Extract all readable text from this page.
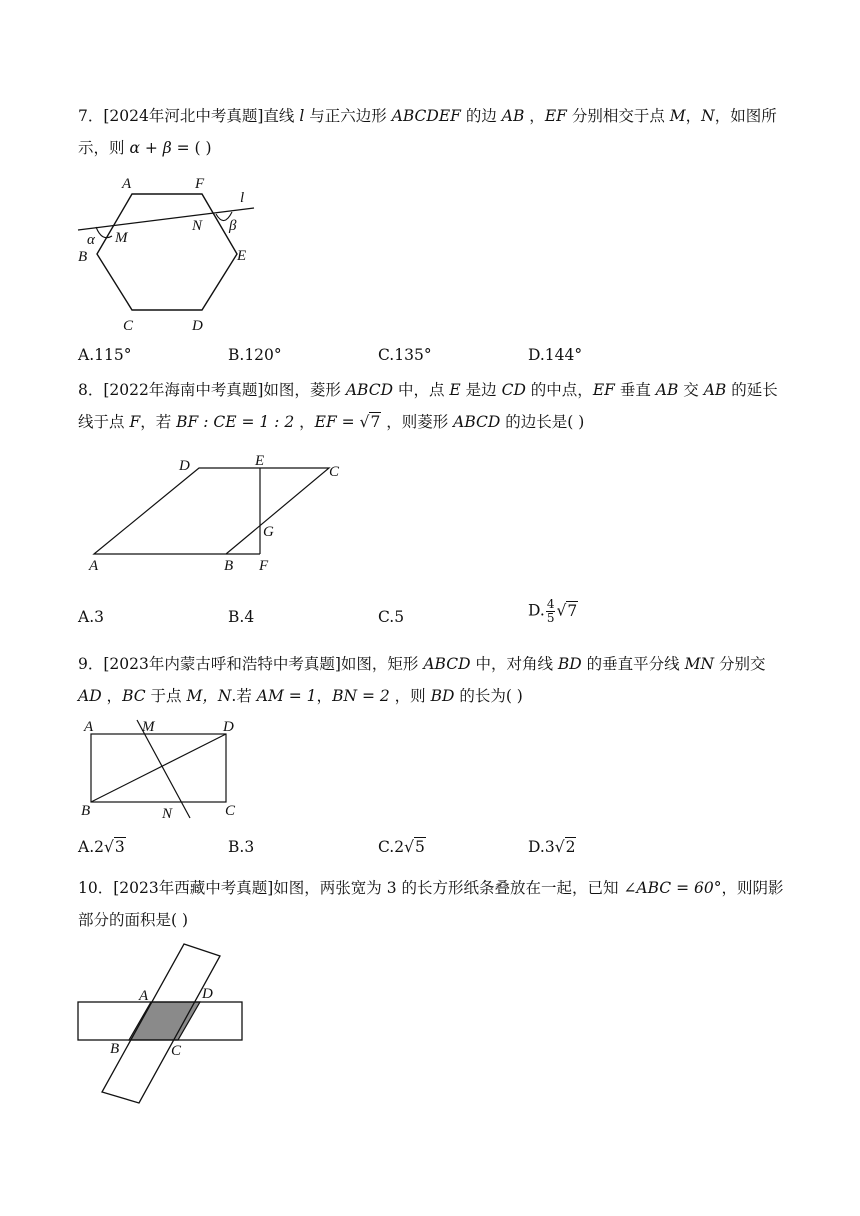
7．[2024年河北中考真题]直线 l 与正六边形 ABCDEF 的边 AB ，EF 分别相交于点 M，N，如图所示，则 α + β = ( )

A	F
l
α M
N β
B	E
C	D
A.115°	B.120°	C.135°	D.144°

8．[2022年海南中考真题]如图，菱形 ABCD 中，点 E 是边 CD 的中点，EF 垂直 AB 交 AB 的延长线于点 F，若 BF : CE = 1 : 2 ，EF = √7 ，则菱形 ABCD 的边长是( )

D	E
C
G
A	B F
A.3	B.4	C.5	D. $\frac{4}{5} √7$

9．[2023年内蒙古呼和浩特中考真题]如图，矩形 ABCD 中，对角线 BD 的垂直平分线 MN 分别交 AD ，BC 于点 M，N.若 AM = 1，BN = 2 ，则 BD 的长为( )

A	M	D
B	N	C
A.2√3	B.3	C.2√5	D.3√2

10．[2023年西藏中考真题]如图，两张宽为 3 的长方形纸条叠放在一起，已知 ∠ABC = 60°，则阴影部分的面积是( )

A	D
B	C
